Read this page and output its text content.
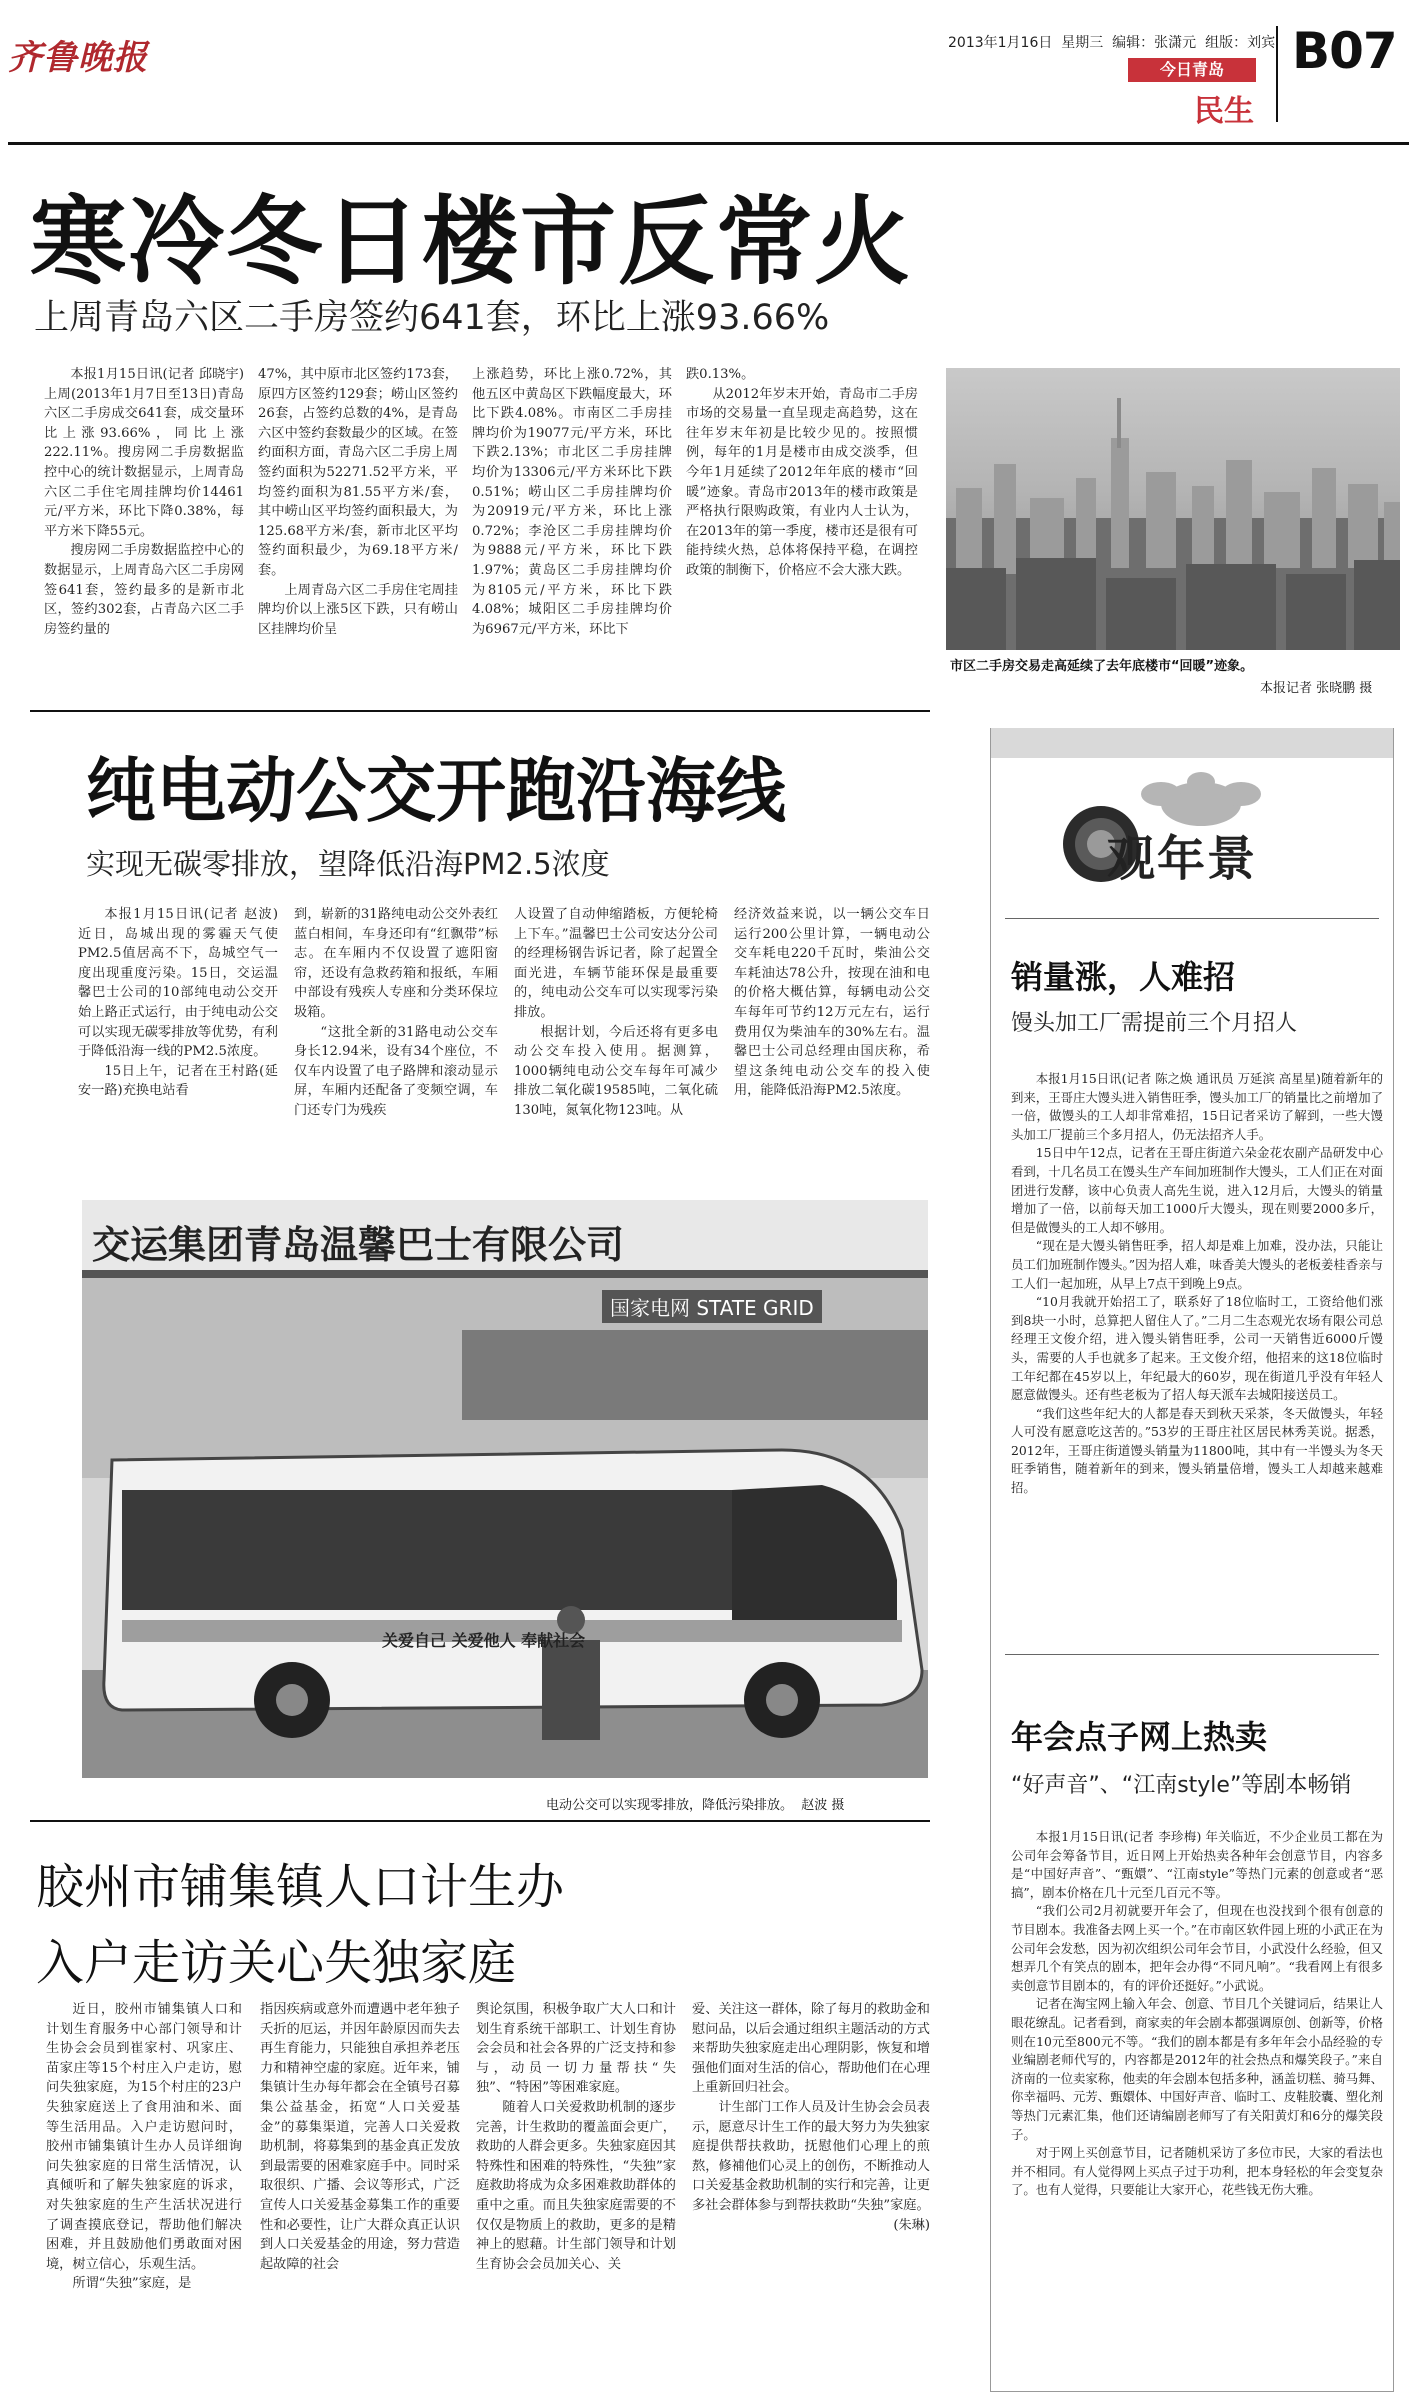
齐鲁晚报	2013年1月16日 星期三 编辑：张潇元 组版：刘宾
今日青岛
民生
B07
寒冷冬日楼市反常火
上周青岛六区二手房签约641套，环比上涨93.66%

本报1月15日讯(记者 邱晓宇) 上周(2013年1月7日至13日)青岛六区二手房成交641套，成交量环比上涨93.66%，同比上涨222.11%。搜房网二手房数据监控中心的统计数据显示，上周青岛六区二手住宅周挂牌均价14461元/平方米，环比下降0.38%，每平方米下降55元。

搜房网二手房数据监控中心的数据显示，上周青岛六区二手房网签641套，签约最多的是新市北区，签约302套，占青岛六区二手房签约量的

47%，其中原市北区签约173套，原四方区签约129套；崂山区签约26套，占签约总数的4%，是青岛六区中签约套数最少的区域。在签约面积方面，青岛六区二手房上周签约面积为52271.52平方米，平均签约面积为81.55平方米/套，其中崂山区平均签约面积最大，为125.68平方米/套，新市北区平均签约面积最少，为69.18平方米/套。

上周青岛六区二手房住宅周挂牌均价以上涨5区下跌，只有崂山区挂牌均价呈

上涨趋势，环比上涨0.72%，其他五区中黄岛区下跌幅度最大，环比下跌4.08%。市南区二手房挂牌均价为19077元/平方米，环比下跌2.13%；市北区二手房挂牌均价为13306元/平方米环比下跌0.51%；崂山区二手房挂牌均价为20919元/平方米，环比上涨0.72%；李沧区二手房挂牌均价为9888元/平方米，环比下跌1.97%；黄岛区二手房挂牌均价为8105元/平方米，环比下跌4.08%；城阳区二手房挂牌均价为6967元/平方米，环比下

跌0.13%。

从2012年岁末开始，青岛市二手房市场的交易量一直呈现走高趋势，这在往年岁末年初是比较少见的。按照惯例，每年的1月是楼市由成交淡季，但今年1月延续了2012年年底的楼市“回暖”迹象。青岛市2013年的楼市政策是严格执行限购政策，有业内人士认为，在2013年的第一季度，楼市还是很有可能持续火热，总体将保持平稳，在调控政策的制衡下，价格应不会大涨大跌。

市区二手房交易走高延续了去年底楼市“回暖”迹象。
本报记者 张晓鹏 摄
纯电动公交开跑沿海线
实现无碳零排放，望降低沿海PM2.5浓度

本报1月15日讯(记者 赵波) 近日，岛城出现的雾霾天气使PM2.5值居高不下，岛城空气一度出现重度污染。15日，交运温馨巴士公司的10部纯电动公交开始上路正式运行，由于纯电动公交可以实现无碳零排放等优势，有利于降低沿海一线的PM2.5浓度。

15日上午，记者在王村路(延安一路)充换电站看

到，崭新的31路纯电动公交外表红蓝白相间，车身还印有“红飘带”标志。在车厢内不仅设置了遮阳窗帘，还设有急救药箱和报纸，车厢中部设有残疾人专座和分类环保垃圾箱。

“这批全新的31路电动公交车身长12.94米，设有34个座位，不仅车内设置了电子路牌和滚动显示屏，车厢内还配备了变频空调，车门还专门为残疾

人设置了自动伸缩踏板，方便轮椅上下车。”温馨巴士公司安达分公司的经理杨钢告诉记者，除了起置全面光进，车辆节能环保是最重要的，纯电动公交车可以实现零污染排放。

根据计划，今后还将有更多电动公交车投入使用。据测算，1000辆纯电动公交车每年可减少排放二氧化碳19585吨，二氧化硫130吨，氮氧化物123吨。从

经济效益来说，以一辆公交车日运行200公里计算，一辆电动公交车耗电220千瓦时，柴油公交车耗油达78公升，按现在油和电的价格大概估算，每辆电动公交车每年可节约12万元左右，运行费用仅为柴油车的30%左右。温馨巴士公司总经理由国庆称，希望这条纯电动公交车的投入使用，能降低沿海PM2.5浓度。

交运集团青岛温馨巴士有限公司
国家电网 STATE GRID
关爱自己 关爱他人 奉献社会
电动公交可以实现零排放，降低污染排放。 赵波 摄
胶州市铺集镇人口计生办
入户走访关心失独家庭

近日，胶州市铺集镇人口和计划生育服务中心部门领导和计生协会会员到崔家村、巩家庄、苗家庄等15个村庄入户走访，慰问失独家庭，为15个村庄的23户失独家庭送上了食用油和米、面等生活用品。入户走访慰问时，胶州市铺集镇计生办人员详细询问失独家庭的日常生活情况，认真倾听和了解失独家庭的诉求，对失独家庭的生产生活状况进行了调查摸底登记，帮助他们解决困难，并且鼓励他们勇敢面对困境，树立信心，乐观生活。

所谓“失独”家庭，是

指因疾病或意外而遭遇中老年独子夭折的厄运，并因年龄原因而失去再生育能力，只能独自承担养老压力和精神空虚的家庭。近年来，铺集镇计生办每年都会在全镇号召募集公益基金，拓宽“人口关爱基金”的募集渠道，完善人口关爱救助机制，将募集到的基金真正发放到最需要的困难家庭手中。同时采取很织、广播、会议等形式，广泛宣传人口关爱基金募集工作的重要性和必要性，让广大群众真正认识到人口关爱基金的用途，努力营造起故障的社会

舆论氛围，积极争取广大人口和计划生育系统干部职工、计划生育协会会员和社会各界的广泛支持和参与，动员一切力量帮扶“失独”、“特困”等困难家庭。

随着人口关爱救助机制的逐步完善，计生救助的覆盖面会更广，救助的人群会更多。失独家庭因其特殊性和困难的特殊性，“失独”家庭救助将成为众多困难救助群体的重中之重。而且失独家庭需要的不仅仅是物质上的救助，更多的是精神上的慰藉。计生部门领导和计划生育协会会员加关心、关

爱、关注这一群体，除了每月的救助金和慰问品，以后会通过组织主题活动的方式来帮助失独家庭走出心理阴影，恢复和增强他们面对生活的信心，帮助他们在心理上重新回归社会。

计生部门工作人员及计生协会会员表示，愿意尽计生工作的最大努力为失独家庭提供帮扶救助，抚慰他们心理上的煎熬，修補他们心灵上的创伤，不断推动人口关爱基金救助机制的实行和完善，让更多社会群体参与到帮扶救助“失独”家庭。

(朱琳)

观年景
销量涨，人难招
馒头加工厂需提前三个月招人

本报1月15日讯(记者 陈之焕 通讯员 万延滨 高星星)随着新年的到来，王哥庄大馒头进入销售旺季，馒头加工厂的销量比之前增加了一倍，做馒头的工人却非常难招，15日记者采访了解到，一些大馒头加工厂提前三个多月招人，仍无法招齐人手。

15日中午12点，记者在王哥庄街道六朵金花农副产品研发中心看到，十几名员工在馒头生产车间加班制作大馒头，工人们正在对面团进行发酵，该中心负责人高先生说，进入12月后，大馒头的销量增加了一倍，以前每天加工1000斤大馒头，现在则要2000多斤，但是做馒头的工人却不够用。

“现在是大馒头销售旺季，招人却是难上加难，没办法，只能让员工们加班制作馒头。”因为招人难，味香美大馒头的老板姜桂香亲与工人们一起加班，从早上7点干到晚上9点。

“10月我就开始招工了，联系好了18位临时工，工资给他们涨到8块一小时，总算把人留住人了。”二月二生态观光农场有限公司总经理王文俊介绍，进入馒头销售旺季，公司一天销售近6000斤馒头，需要的人手也就多了起来。王文俊介绍，他招来的这18位临时工年纪都在45岁以上，年纪最大的60岁，现在街道几乎没有年轻人愿意做馒头。还有些老板为了招人每天派车去城阳接送员工。

“我们这些年纪大的人都是春天到秋天采茶，冬天做馒头，年轻人可没有愿意吃这苦的。”53岁的王哥庄社区居民林秀芙说。据悉，2012年，王哥庄街道馒头销量为11800吨，其中有一半馒头为冬天旺季销售，随着新年的到来，馒头销量倍增，馒头工人却越来越难招。

年会点子网上热卖
“好声音”、“江南style”等剧本畅销

本报1月15日讯(记者 李珍梅) 年关临近，不少企业员工都在为公司年会筹备节目，近日网上开始热卖各种年会创意节目，内容多是“中国好声音”、“甄嬛”、“江南style”等热门元素的创意或者“恶搞”，剧本价格在几十元至几百元不等。

“我们公司2月初就要开年会了，但现在也没找到个很有创意的节目剧本。我准备去网上买一个。”在市南区软件园上班的小武正在为公司年会发愁，因为初次组织公司年会节目，小武没什么经验，但又想弄几个有笑点的剧本，把年会办得“不同凡响”。“我看网上有很多卖创意节目剧本的，有的评价还挺好。”小武说。

记者在淘宝网上输入年会、创意、节目几个关键词后，结果让人眼花缭乱。记者看到，商家卖的年会剧本都强调原创、创新等，价格则在10元至800元不等。“我们的剧本都是有多年年会小品经验的专业编剧老师代写的，内容都是2012年的社会热点和爆笑段子。”来自济南的一位卖家称，他卖的年会剧本包括多种，涵盖切糕、骑马舞、你幸福吗、元芳、甄嬛体、中国好声音、临时工、皮鞋胶囊、塑化剂等热门元素汇集，他们还请编剧老师写了有关阳黄灯和6分的爆笑段子。

对于网上买创意节目，记者随机采访了多位市民，大家的看法也并不相同。有人觉得网上买点子过于功利，把本身轻松的年会变复杂了。也有人觉得，只要能让大家开心，花些钱无伤大雅。
